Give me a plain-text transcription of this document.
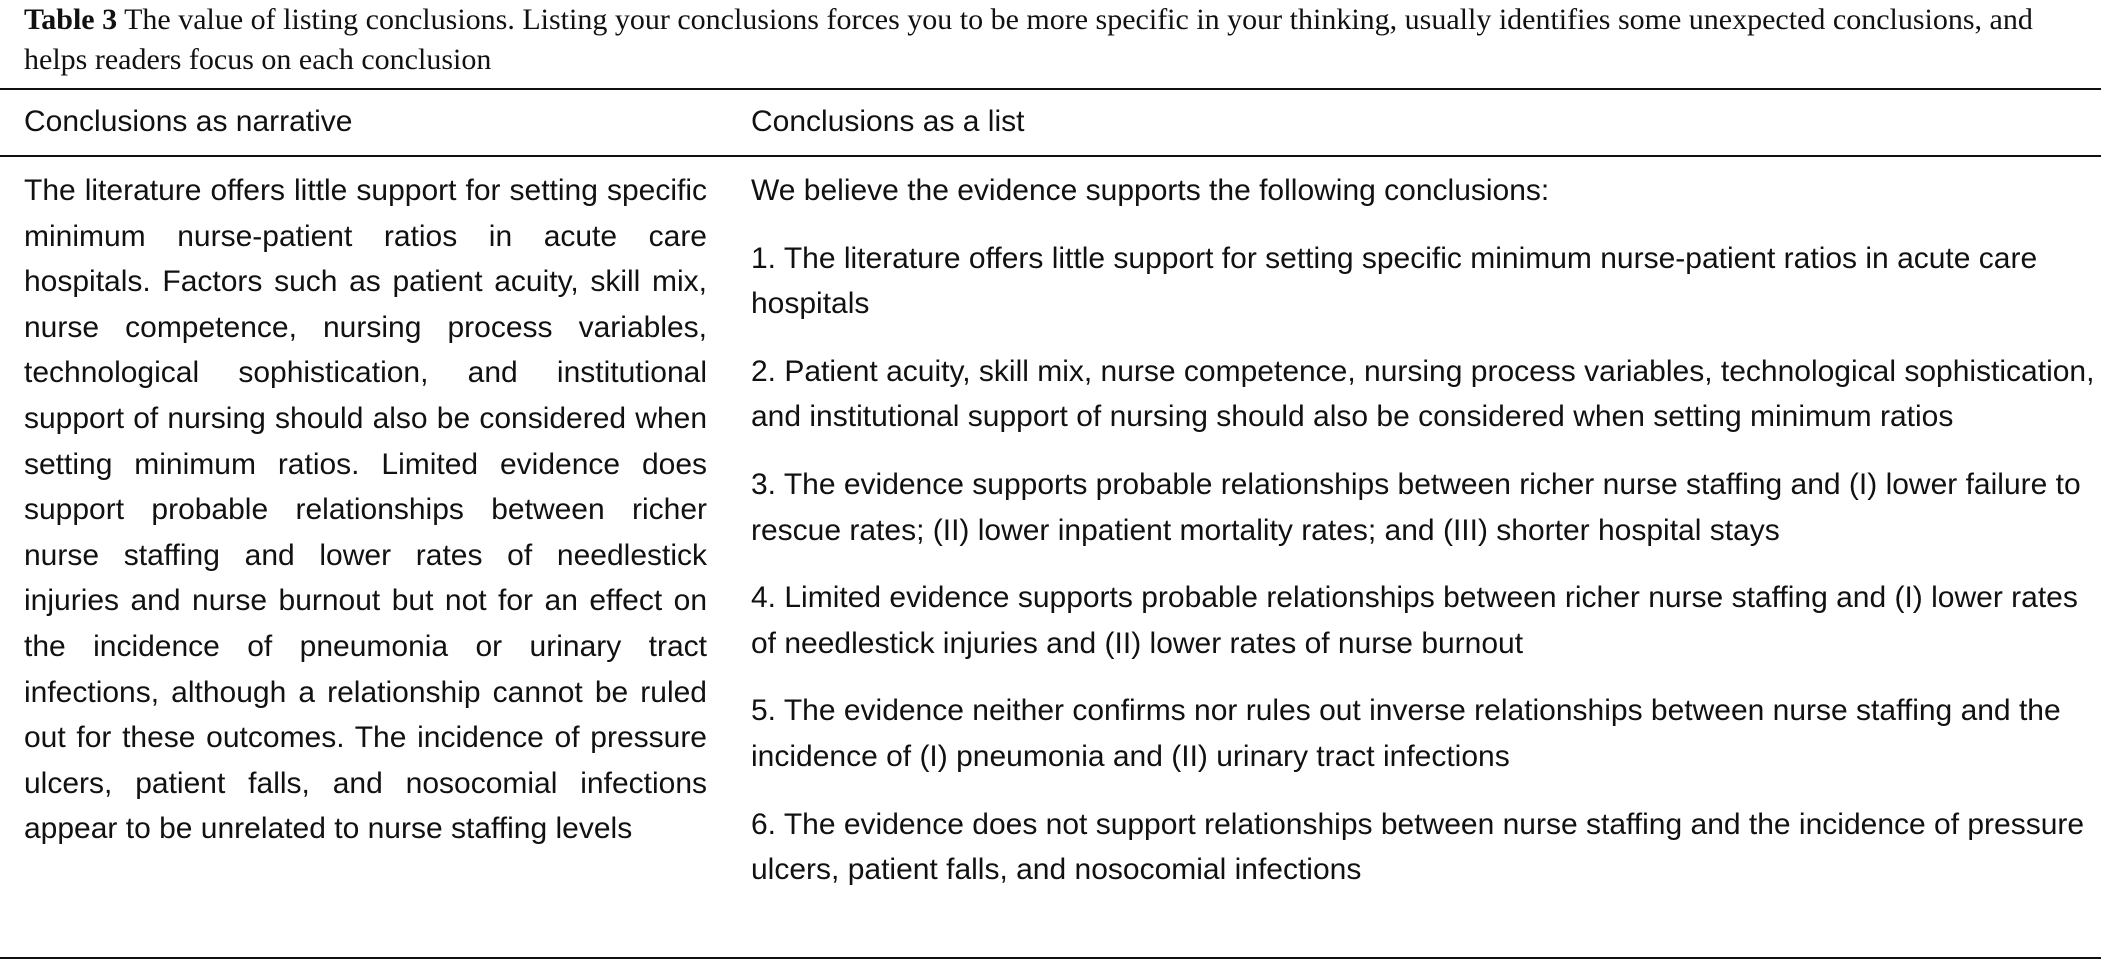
Table 3 The value of listing conclusions. Listing your conclusions forces you to be more specific in your thinking, usually identifies some unexpected conclusions, and helps readers focus on each conclusion
Conclusions as narrative	Conclusions as a list

The literature offers little support for setting specific minimum nurse-patient ratios in acute care hospitals. Factors such as patient acuity, skill mix, nurse competence, nursing process variables, technological sophistication, and institutional support of nursing should also be considered when setting minimum ratios. Limited evidence does support probable relationships between richer nurse staffing and lower rates of needlestick injuries and nurse burnout but not for an effect on the incidence of pneumonia or urinary tract infections, although a relationship cannot be ruled out for these outcomes. The incidence of pressure ulcers, patient falls, and nosocomial infections appear to be unrelated to nurse staffing levels

We believe the evidence supports the following conclusions:

1. The literature offers little support for setting specific minimum nurse-patient ratios in acute care hospitals

2. Patient acuity, skill mix, nurse competence, nursing process variables, technological sophistication, and institutional support of nursing should also be considered when setting minimum ratios

3. The evidence supports probable relationships between richer nurse staffing and (I) lower failure to rescue rates; (II) lower inpatient mortality rates; and (III) shorter hospital stays

4. Limited evidence supports probable relationships between richer nurse staffing and (I) lower rates of needlestick injuries and (II) lower rates of nurse burnout

5. The evidence neither confirms nor rules out inverse relationships between nurse staffing and the incidence of (I) pneumonia and (II) urinary tract infections

6. The evidence does not support relationships between nurse staffing and the incidence of pressure ulcers, patient falls, and nosocomial infections
